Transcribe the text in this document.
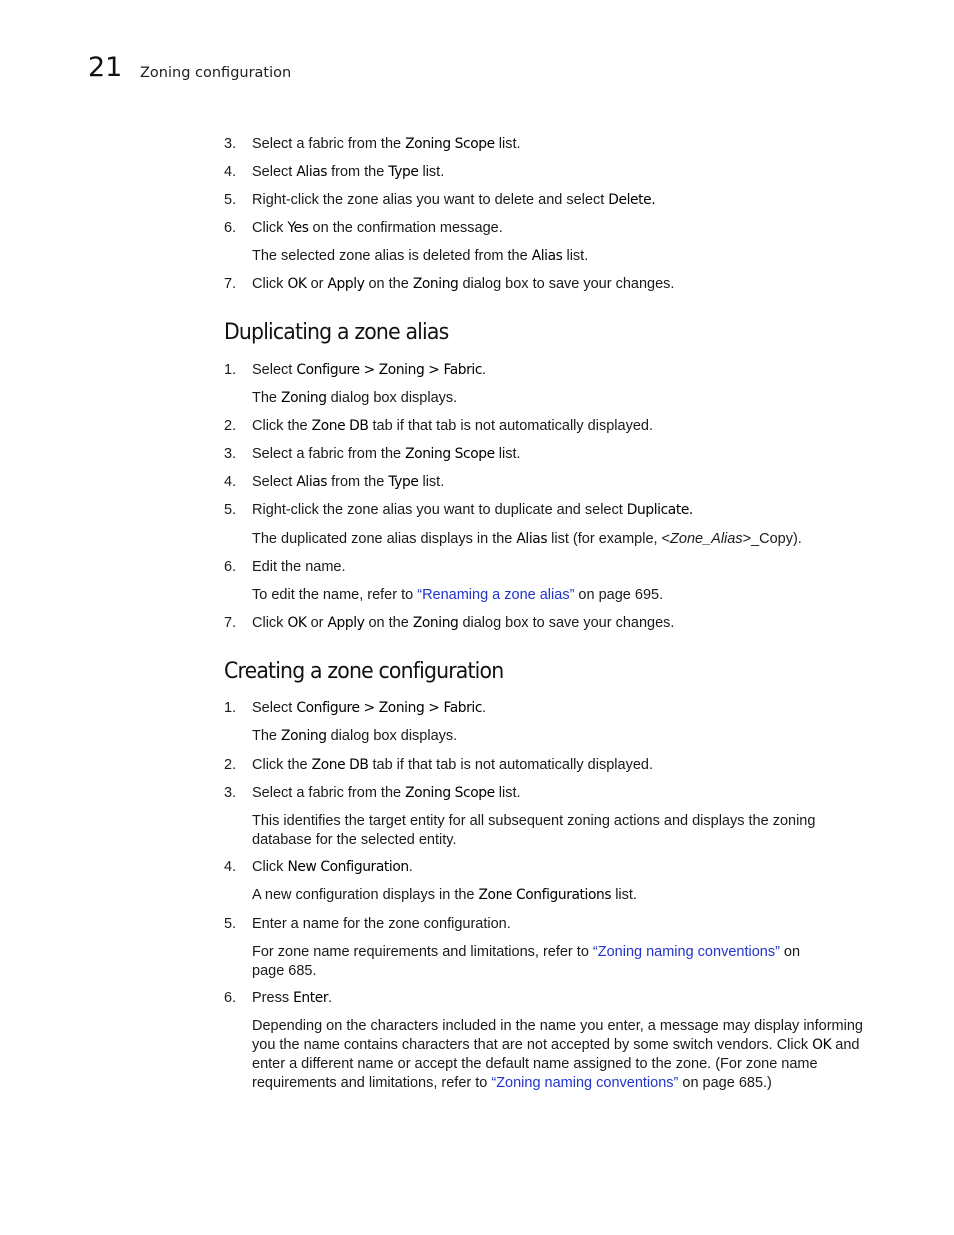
21 Zoning configuration
3. Select a fabric from the Zoning Scope list.
4. Select Alias from the Type list.
5. Right-click the zone alias you want to delete and select Delete.
6. Click Yes on the confirmation message.
The selected zone alias is deleted from the Alias list.
7. Click OK or Apply on the Zoning dialog box to save your changes.
Duplicating a zone alias
1. Select Configure > Zoning > Fabric.
The Zoning dialog box displays.
2. Click the Zone DB tab if that tab is not automatically displayed.
3. Select a fabric from the Zoning Scope list.
4. Select Alias from the Type list.
5. Right-click the zone alias you want to duplicate and select Duplicate.
The duplicated zone alias displays in the Alias list (for example, <Zone_Alias>_Copy).
6. Edit the name.
To edit the name, refer to “Renaming a zone alias” on page 695.
7. Click OK or Apply on the Zoning dialog box to save your changes.
Creating a zone configuration
1. Select Configure > Zoning > Fabric.
The Zoning dialog box displays.
2. Click the Zone DB tab if that tab is not automatically displayed.
3. Select a fabric from the Zoning Scope list.
This identifies the target entity for all subsequent zoning actions and displays the zoning database for the selected entity.
4. Click New Configuration.
A new configuration displays in the Zone Configurations list.
5. Enter a name for the zone configuration.
For zone name requirements and limitations, refer to “Zoning naming conventions” on page 685.
6. Press Enter.
Depending on the characters included in the name you enter, a message may display informing you the name contains characters that are not accepted by some switch vendors. Click OK and enter a different name or accept the default name assigned to the zone. (For zone name requirements and limitations, refer to “Zoning naming conventions” on page 685.)
